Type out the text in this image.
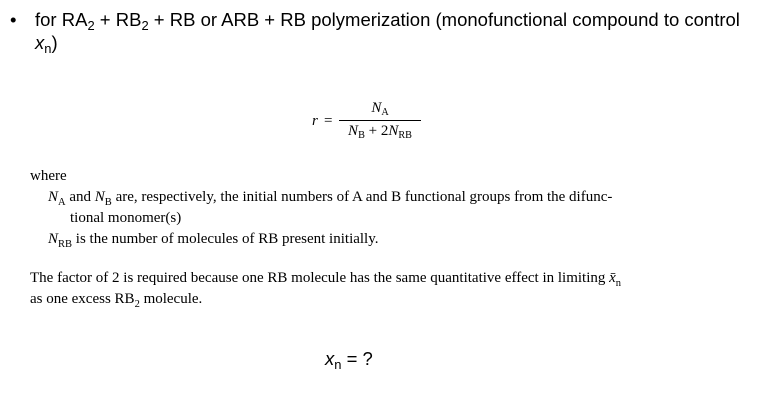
• for $RA_2 + RB_2$ + RB or ARB + RB polymerization (monofunctional compound to control $x_n$)
r =
$N_A$
$N_B + 2N_{RB}$
where
$N_A$ and $N_B$ are, respectively, the initial numbers of A and B functional groups from the difunc-
tional monomer(s)
$N_{RB}$ is the number of molecules of RB present initially.
The factor of 2 is required because one RB molecule has the same quantitative effect in limiting $x̄_n$
as one excess $RB_2$ molecule.
$x_n$ = ?
